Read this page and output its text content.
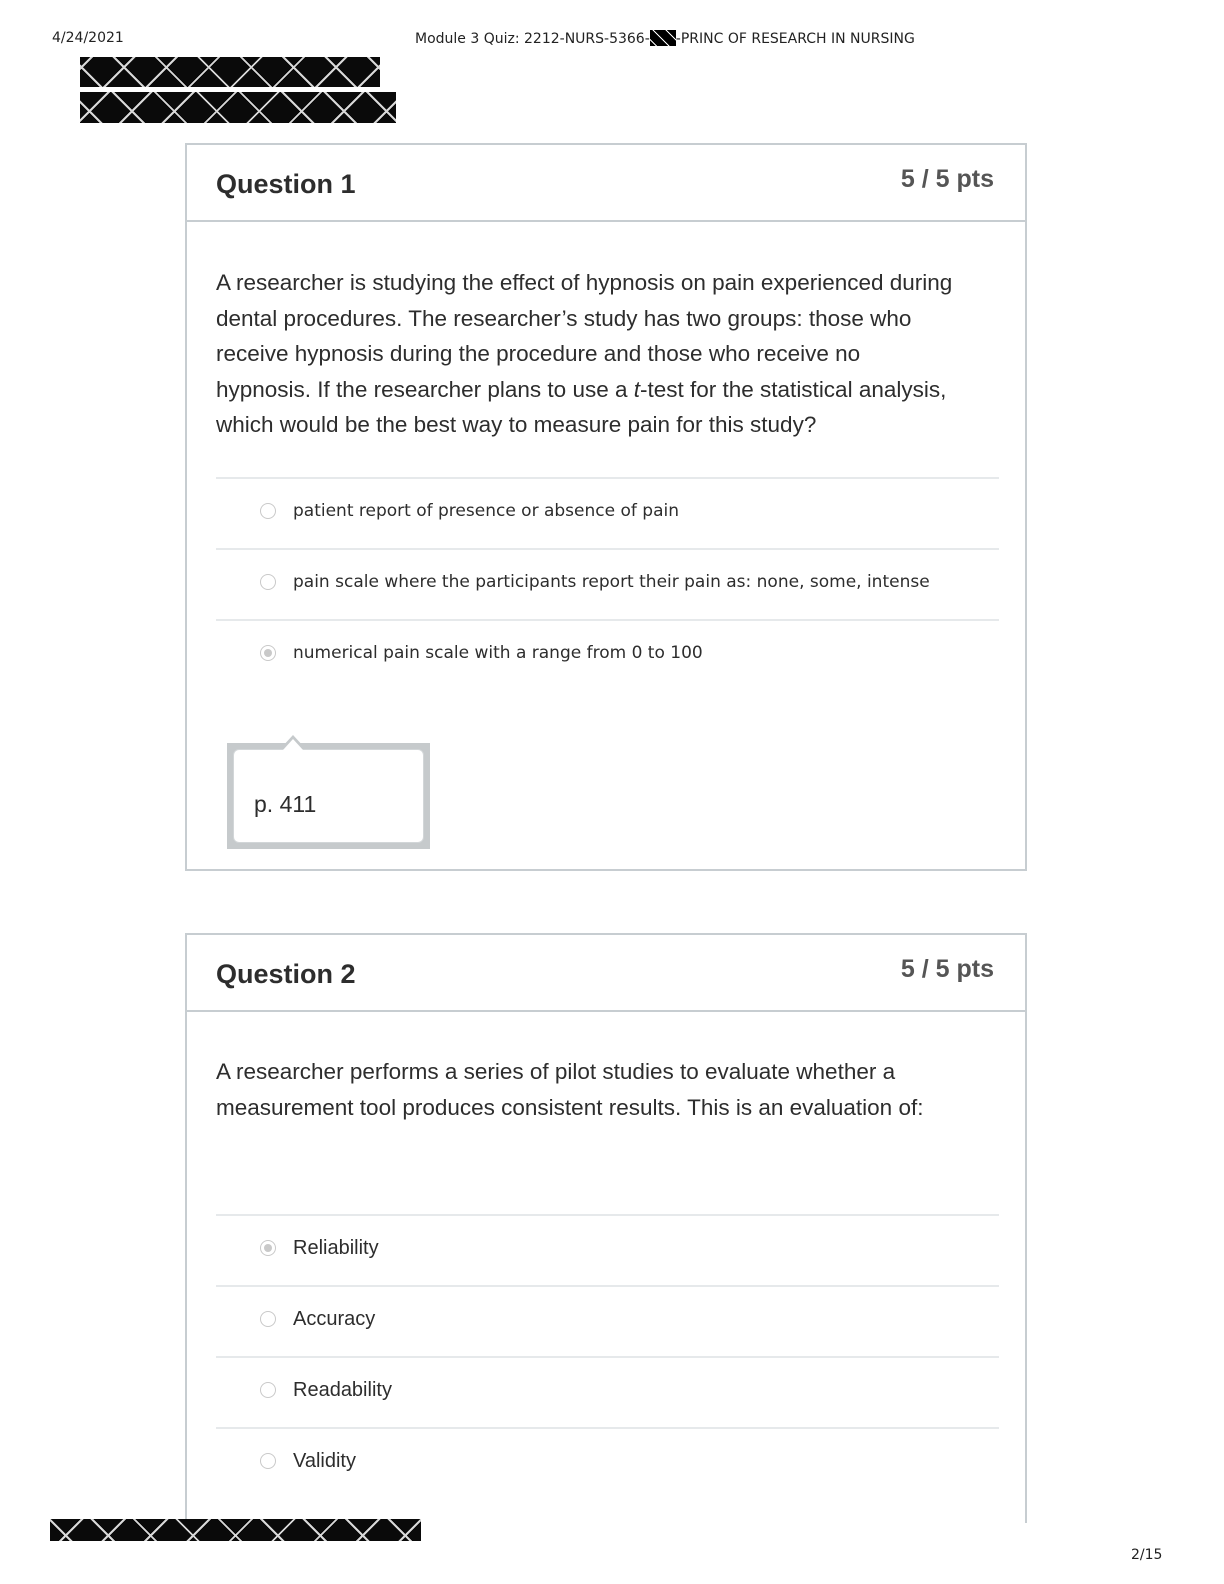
4/24/2021	Module 3 Quiz: 2212-NURS-5366- -PRINC OF RESEARCH IN NURSING
Question 1	5 / 5 pts
A researcher is studying the effect of hypnosis on pain experienced during
dental procedures. The researcher’s study has two groups: those who
receive hypnosis during the procedure and those who receive no
hypnosis. If the researcher plans to use a t-test for the statistical analysis,
which would be the best way to measure pain for this study?
patient report of presence or absence of pain
pain scale where the participants report their pain as: none, some, intense
numerical pain scale with a range from 0 to 100
p. 411
Question 2	5 / 5 pts
A researcher performs a series of pilot studies to evaluate whether a
measurement tool produces consistent results. This is an evaluation of:
Reliability
Accuracy
Readability
Validity
2/15
